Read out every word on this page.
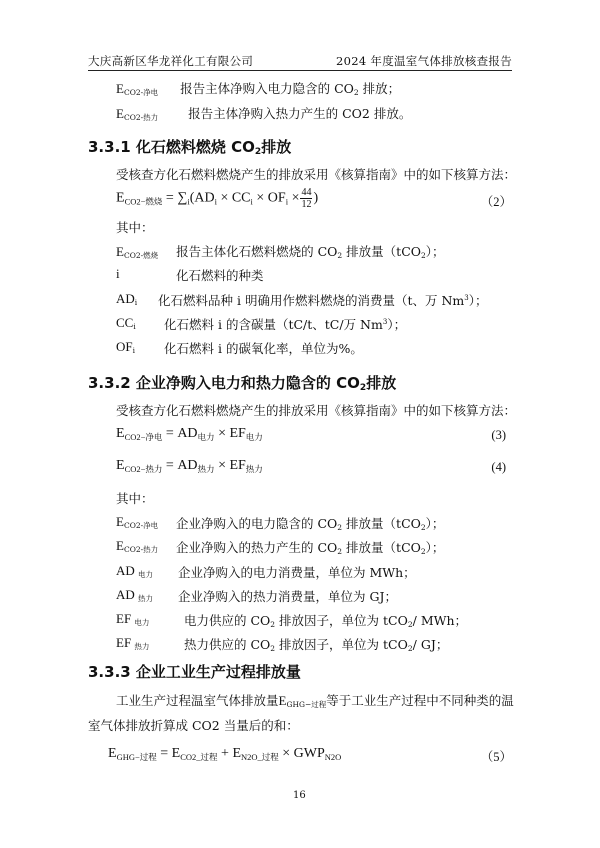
大庆高新区华龙祥化工有限公司	2024 年度温室气体排放核查报告
$E_{CO2-净电}$ 报告主体净购入电力隐含的 $CO_2$ 排放；
$E_{CO2-热力}$ 报告主体净购入热力产生的 CO2 排放。
3.3.1 化石燃料燃烧 $CO_2$排放
受核查方化石燃料燃烧产生的排放采用《核算指南》中的如下核算方法：
$E_{CO2-燃烧} = \sum_i(AD_i \times CC_i \times OF_i \times \frac{44}{12}$ )	（2）
其中：
$E_{CO2-燃烧}$ 报告主体化石燃料燃烧的 $CO_2$ 排放量（tCO$_2$）；
i	化石燃料的种类
$AD_i$ 化石燃料品种 i 明确用作燃料燃烧的消费量（t、万 Nm$^3$）；
$CC_i$ 化石燃料 i 的含碳量（tC/t、tC/万 Nm$^3$）；
$OF_i$ 化石燃料 i 的碳氧化率，单位为%。
3.3.2 企业净购入电力和热力隐含的 $CO_2$排放
受核查方化石燃料燃烧产生的排放采用《核算指南》中的如下核算方法：
$E_{CO2-净电} = AD_{电力} \times EF_{电力}$	(3)
$E_{CO2-热力} = AD_{热力} \times EF_{热力}$	(4)
其中：
$E_{CO2-净电}$ 企业净购入的电力隐含的 $CO_2$ 排放量（tCO$_2$）；
$E_{CO2-热力}$ 企业净购入的热力产生的 $CO_2$ 排放量（tCO$_2$）；
AD $_{电力}$ 企业净购入的电力消费量，单位为 MWh；
AD $_{热力}$ 企业净购入的热力消费量，单位为 GJ；
EF $_{电力}$	电力供应的 $CO_2$ 排放因子，单位为 tCO$_2$/ MWh；
EF $_{热力}$	热力供应的 $CO_2$ 排放因子，单位为 tCO$_2$/ GJ；
3.3.3 企业工业生产过程排放量
工业生产过程温室气体排放量$E_{GHG-过程}$等于工业生产过程中不同种类的温
室气体排放折算成 CO2 当量后的和：
$E_{GHG-过程} = E_{CO2\_过程} + E_{N2O\_过程} \times GWP_{N2O}$	（5）
16
